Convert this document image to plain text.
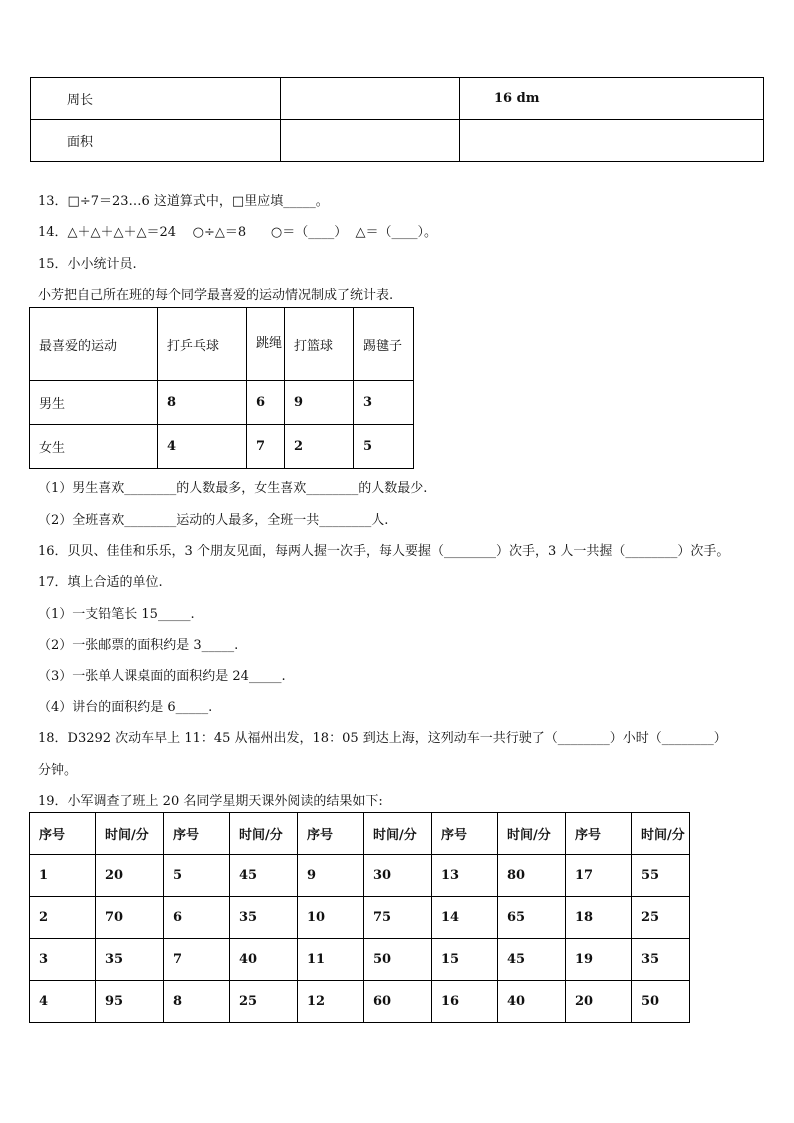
周长		16 dm
面积		
13．□÷7＝23…6 这道算式中，□里应填_____。
14．△＋△＋△＋△＝24    ○÷△＝8      ○＝（____）  △＝（____）。
15．小小统计员.
小芳把自己所在班的每个同学最喜爱的运动情况制成了统计表.
最喜爱的运动	打乒乓球	跳绳	打篮球	踢毽子
男生	8	6	9	3
女生	4	7	2	5
（1）男生喜欢________的人数最多，女生喜欢________的人数最少.
（2）全班喜欢________运动的人最多，全班一共________人.
16．贝贝、佳佳和乐乐，3 个朋友见面，每两人握一次手，每人要握（________）次手，3 人一共握（________）次手。
17．填上合适的单位.
（1）一支铅笔长 15_____.
（2）一张邮票的面积约是 3_____.
（3）一张单人课桌面的面积约是 24_____.
（4）讲台的面积约是 6_____.
18．D3292 次动车早上 11：45 从福州出发，18：05 到达上海，这列动车一共行驶了（________）小时（________）
分钟。
19．小军调查了班上 20 名同学星期天课外阅读的结果如下:
序号	时间/分	序号	时间/分	序号	时间/分	序号	时间/分	序号	时间/分
1	20	5	45	9	30	13	80	17	55
2	70	6	35	10	75	14	65	18	25
3	35	7	40	11	50	15	45	19	35
4	95	8	25	12	60	16	40	20	50
